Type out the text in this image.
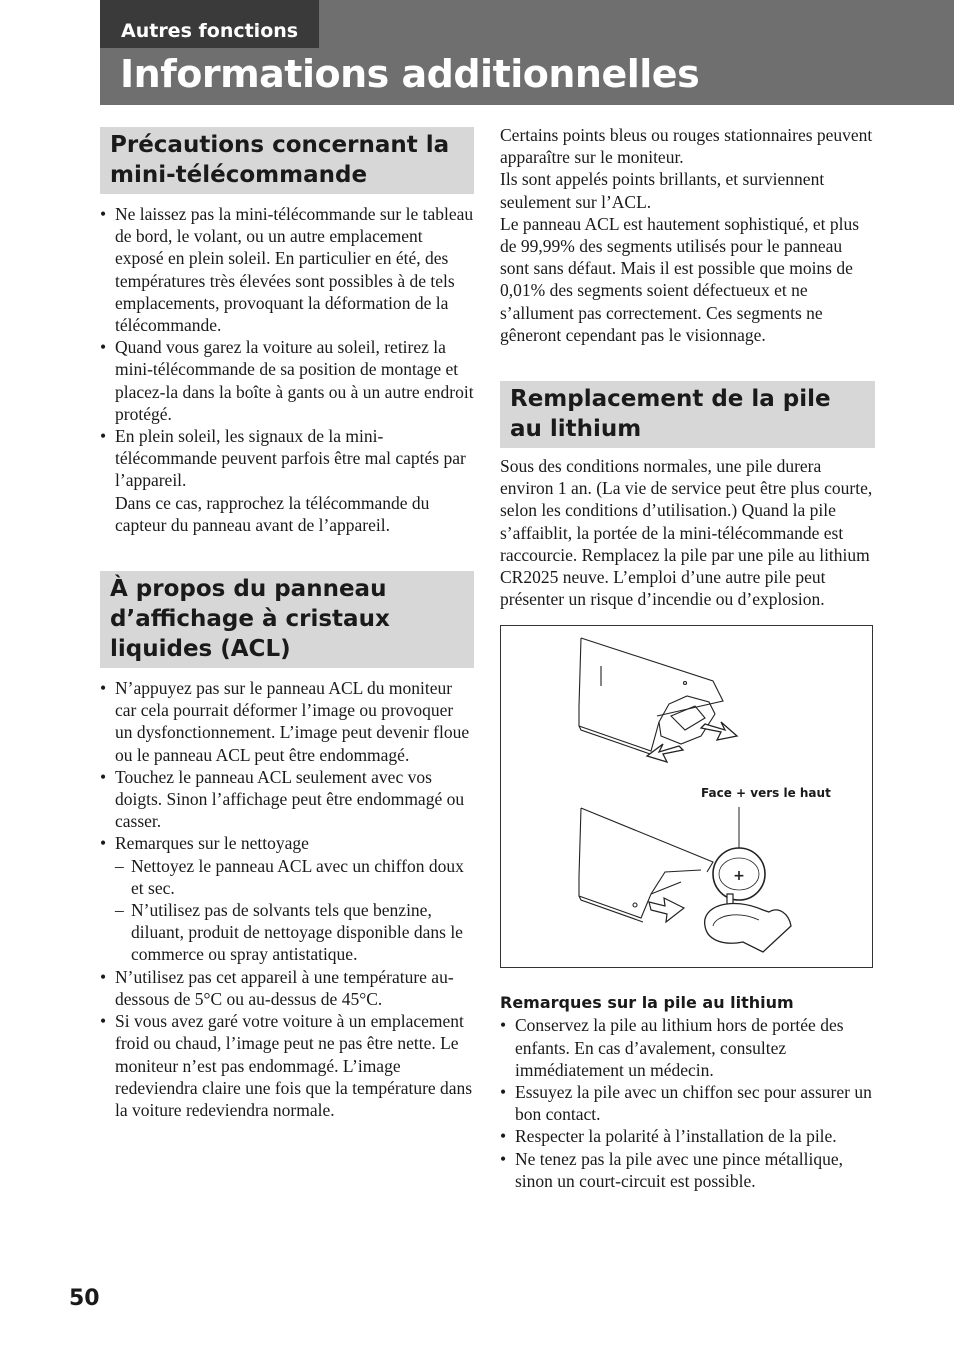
Autres fonctions
Informations additionnelles
Précautions concernant la mini-télécommande
• Ne laissez pas la mini-télécommande sur le tableau de bord, le volant, ou un autre emplacement exposé en plein soleil. En particulier en été, des températures très élevées sont possibles à de tels emplacements, provoquant la déformation de la télécommande.
• Quand vous garez la voiture au soleil, retirez la mini-télécommande de sa position de montage et placez-la dans la boîte à gants ou à un autre endroit protégé.
• En plein soleil, les signaux de la mini-télécommande peuvent parfois être mal captés par l’appareil.
Dans ce cas, rapprochez la télécommande du capteur du panneau avant de l’appareil.
À propos du panneau d’affichage à cristaux liquides (ACL)
• N’appuyez pas sur le panneau ACL du moniteur car cela pourrait déformer l’image ou provoquer un dysfonctionnement. L’image peut devenir floue ou le panneau ACL peut être endommagé.
• Touchez le panneau ACL seulement avec vos doigts. Sinon l’affichage peut être endommagé ou casser.
• Remarques sur le nettoyage
– Nettoyez le panneau ACL avec un chiffon doux et sec.
– N’utilisez pas de solvants tels que benzine, diluant, produit de nettoyage disponible dans le commerce ou spray antistatique.
• N’utilisez pas cet appareil à une température au-dessous de 5°C ou au-dessus de 45°C.
• Si vous avez garé votre voiture à un emplacement froid ou chaud, l’image peut ne pas être nette. Le moniteur n’est pas endommagé. L’image redeviendra claire une fois que la température dans la voiture redeviendra normale.

Certains points bleus ou rouges stationnaires peuvent apparaître sur le moniteur.

Ils sont appelés points brillants, et surviennent seulement sur l’ACL.

Le panneau ACL est hautement sophistiqué, et plus de 99,99% des segments utilisés pour le panneau sont sans défaut. Mais il est possible que moins de 0,01% des segments soient défectueux et ne s’allument pas correctement. Ces segments ne gêneront cependant pas le visionnage.

Remplacement de la pile au lithium

Sous des conditions normales, une pile durera environ 1 an. (La vie de service peut être plus courte, selon les conditions d’utilisation.) Quand la pile s’affaiblit, la portée de la mini-télécommande est raccourcie. Remplacez la pile par une pile au lithium CR2025 neuve. L’emploi d’une autre pile peut présenter un risque d’incendie ou d’explosion.

+
Face + vers le haut
Remarques sur la pile au lithium
• Conservez la pile au lithium hors de portée des enfants. En cas d’avalement, consultez immédiatement un médecin.
• Essuyez la pile avec un chiffon sec pour assurer un bon contact.
• Respecter la polarité à l’installation de la pile.
• Ne tenez pas la pile avec une pince métallique, sinon un court-circuit est possible.
50
